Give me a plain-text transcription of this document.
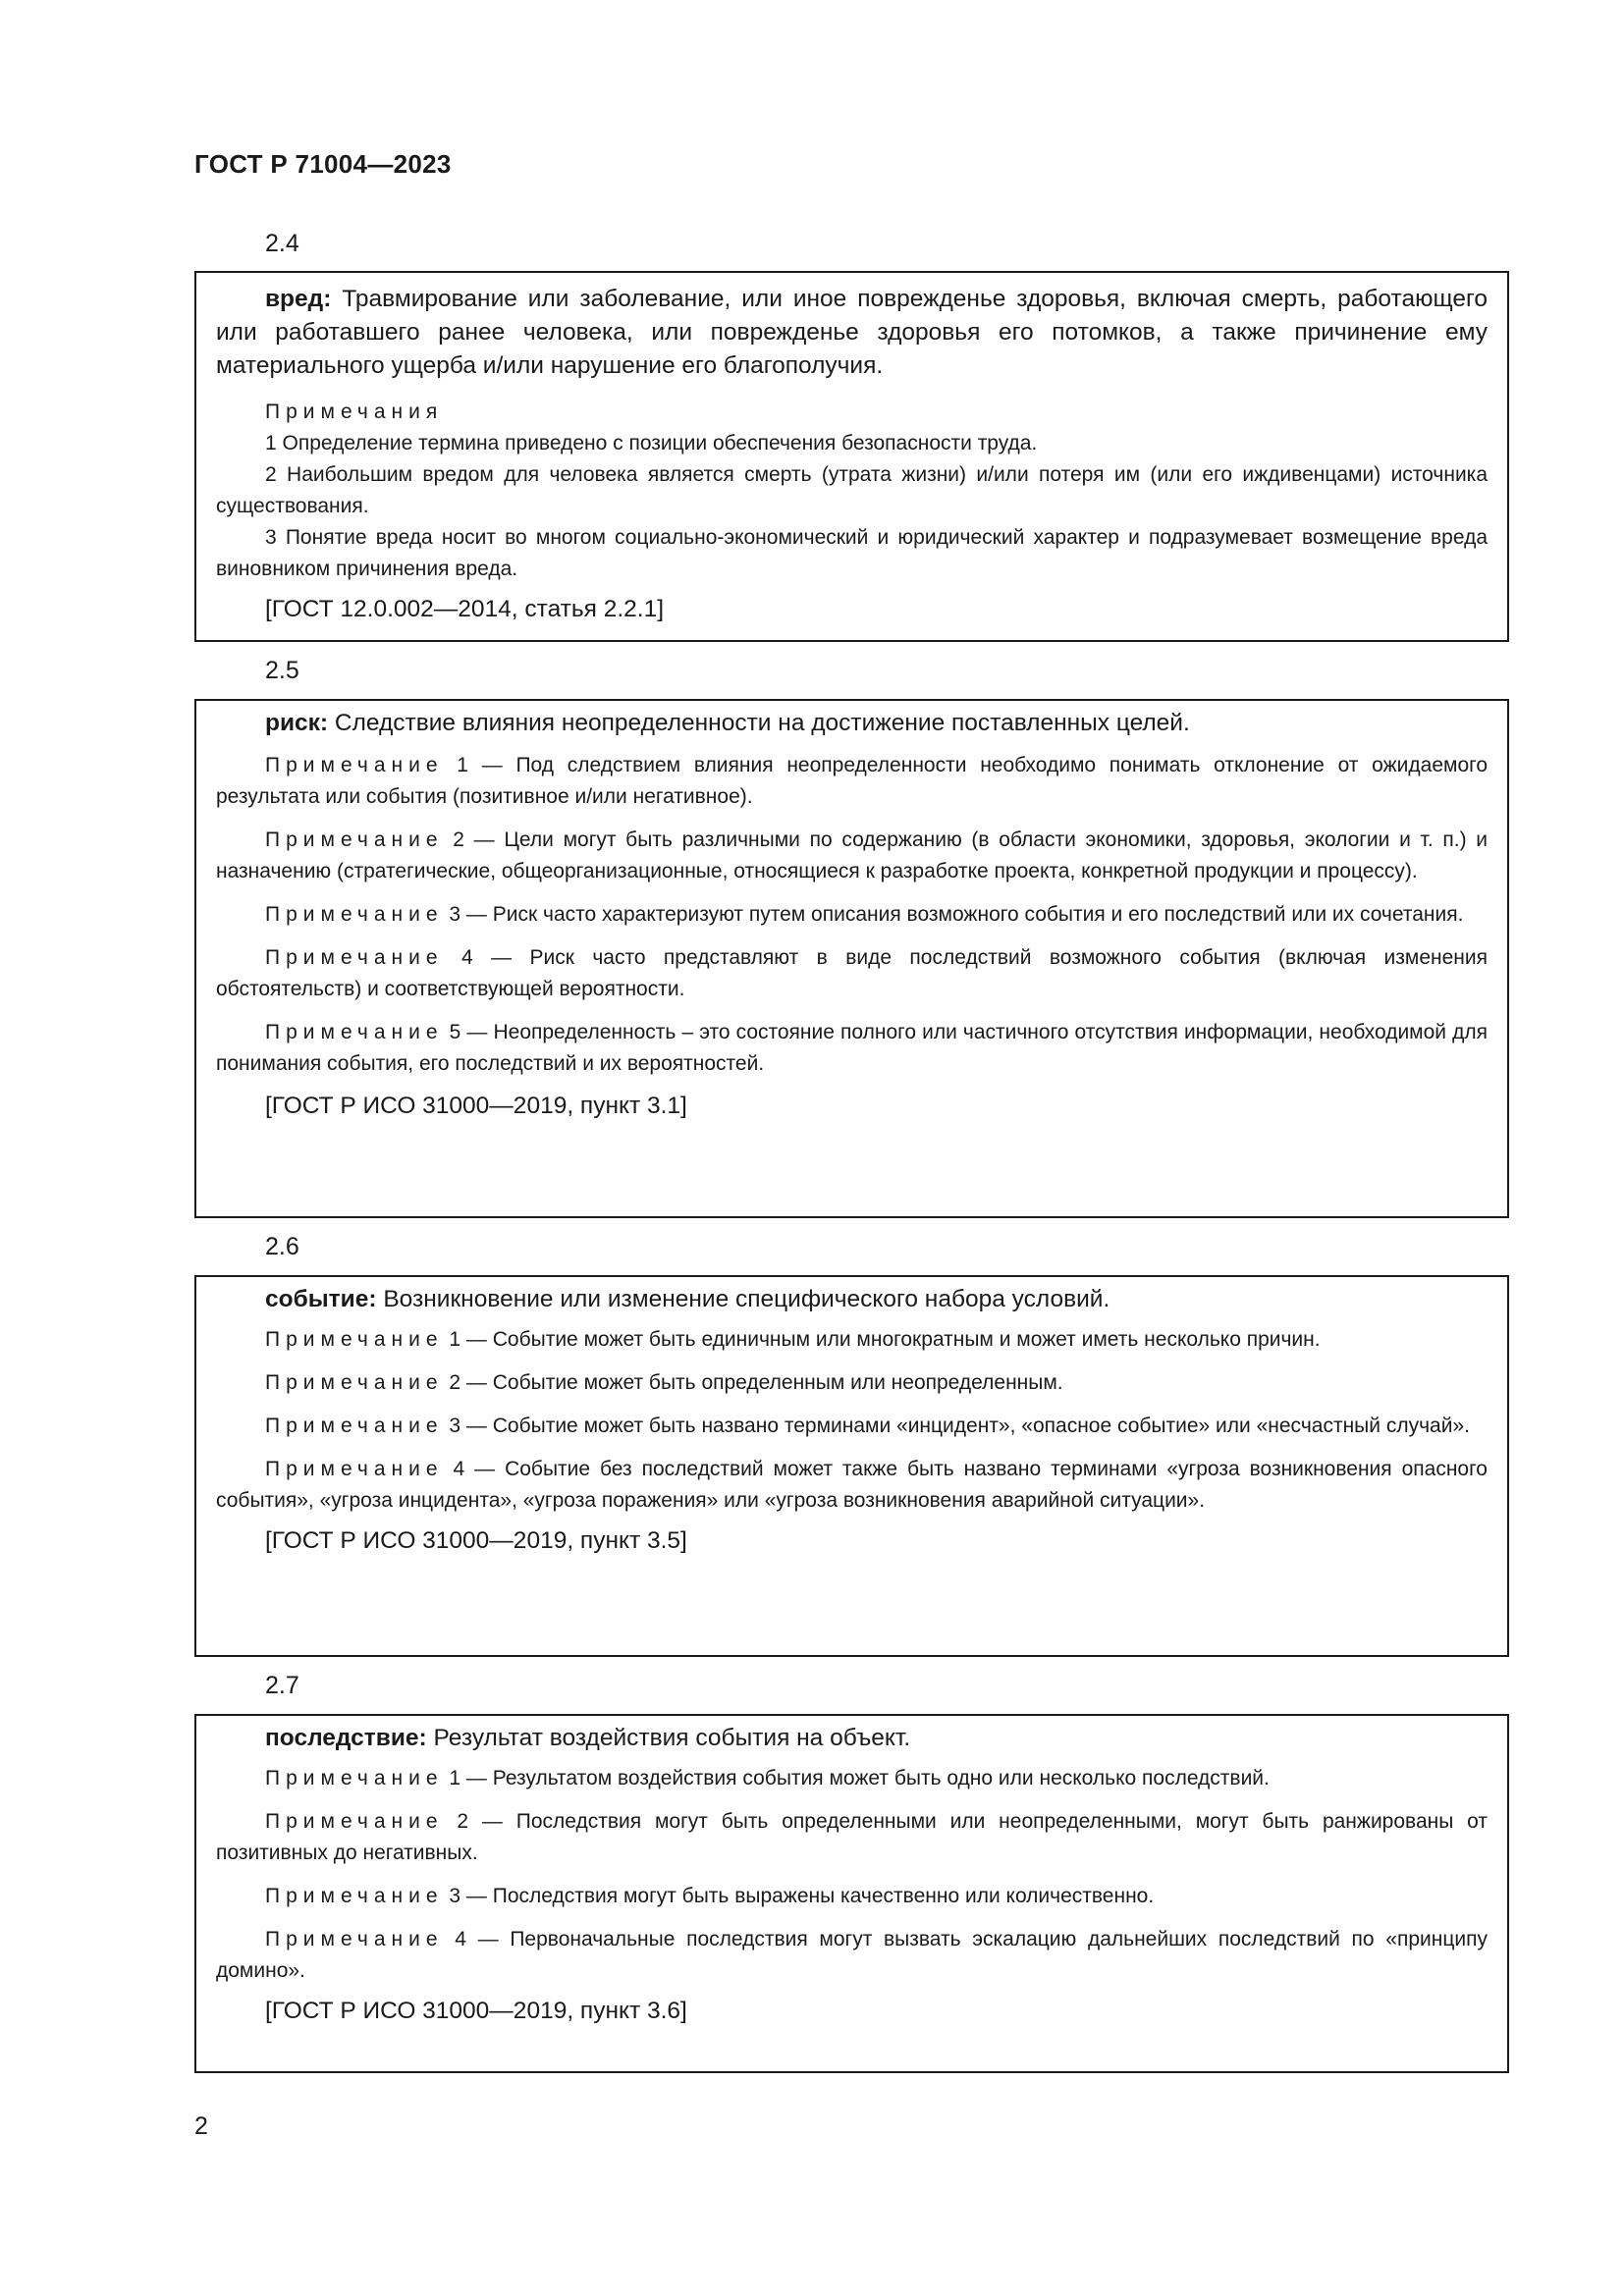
ГОСТ Р 71004—2023
2.4

вред: Травмирование или заболевание, или иное поврежденье здоровья, включая смерть, работающего или работавшего ранее человека, или поврежденье здоровья его потомков, а также причинение ему материального ущерба и/или нарушение его благополучия.

Примечания

1 Определение термина приведено с позиции обеспечения безопасности труда.

2 Наибольшим вредом для человека является смерть (утрата жизни) и/или потеря им (или его иждивенцами) источника существования.

3 Понятие вреда носит во многом социально-экономический и юридический характер и подразумевает возмещение вреда виновником причинения вреда.

[ГОСТ 12.0.002—2014, статья 2.2.1]

2.5

риск: Следствие влияния неопределенности на достижение поставленных целей.

Примечание 1 — Под следствием влияния неопределенности необходимо понимать отклонение от ожидаемого результата или события (позитивное и/или негативное).

Примечание 2 — Цели могут быть различными по содержанию (в области экономики, здоровья, экологии и т. п.) и назначению (стратегические, общеорганизационные, относящиеся к разработке проекта, конкретной продукции и процессу).

Примечание 3 — Риск часто характеризуют путем описания возможного события и его последствий или их сочетания.

Примечание 4 — Риск часто представляют в виде последствий возможного события (включая изменения обстоятельств) и соответствующей вероятности.

Примечание 5 — Неопределенность – это состояние полного или частичного отсутствия информации, необходимой для понимания события, его последствий и их вероятностей.

[ГОСТ Р ИСО 31000—2019, пункт 3.1]

2.6

событие: Возникновение или изменение специфического набора условий.

Примечание 1 — Событие может быть единичным или многократным и может иметь несколько причин.

Примечание 2 — Событие может быть определенным или неопределенным.

Примечание 3 — Событие может быть названо терминами «инцидент», «опасное событие» или «несчастный случай».

Примечание 4 — Событие без последствий может также быть названо терминами «угроза возникновения опасного события», «угроза инцидента», «угроза поражения» или «угроза возникновения аварийной ситуации».

[ГОСТ Р ИСО 31000—2019, пункт 3.5]

2.7

последствие: Результат воздействия события на объект.

Примечание 1 — Результатом воздействия события может быть одно или несколько последствий.

Примечание 2 — Последствия могут быть определенными или неопределенными, могут быть ранжированы от позитивных до негативных.

Примечание 3 — Последствия могут быть выражены качественно или количественно.

Примечание 4 — Первоначальные последствия могут вызвать эскалацию дальнейших последствий по «принципу домино».

[ГОСТ Р ИСО 31000—2019, пункт 3.6]

2
